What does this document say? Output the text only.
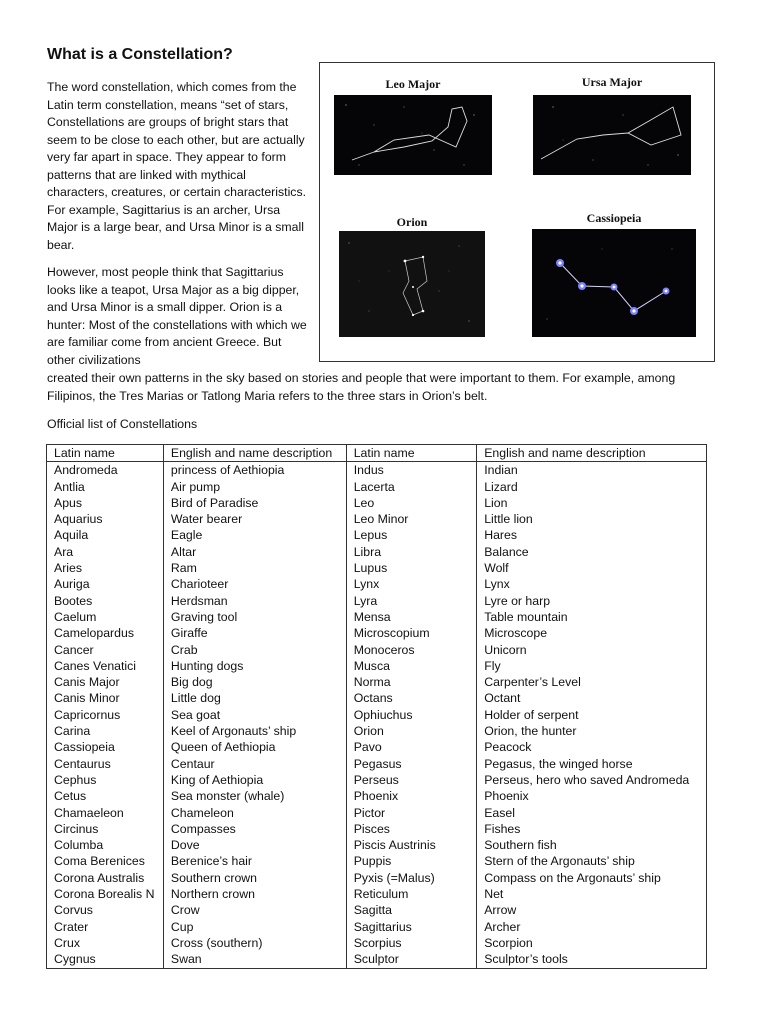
What is a Constellation?

The word constellation, which comes from the Latin term constellation, means “set of stars, Constellations are groups of bright stars that seem to be close to each other, but are actually very far apart in space. They appear to form patterns that are linked with mythical characters, creatures, or certain characteristics. For example, Sagittarius is an archer, Ursa Major is a large bear, and Ursa Minor is a small bear.

However, most people think that Sagittarius looks like a teapot, Ursa Major as a big dipper, and Ursa Minor is a small dipper. Orion is a hunter: Most of the constellations with which we are familiar come from ancient Greece. But other civilizations

created their own patterns in the sky based on stories and people that were important to them. For example, among Filipinos, the Tres Marias or Tatlong Maria refers to the three stars in Orion’s belt.

Official list of Constellations

Leo Major	Ursa Major
Orion	Cassiopeia
Latin name	English and name description	Latin name	English and name description
Andromeda	princess of Aethiopia	Indus	Indian
Antlia	Air pump	Lacerta	Lizard
Apus	Bird of Paradise	Leo	Lion
Aquarius	Water bearer	Leo Minor	Little lion
Aquila	Eagle	Lepus	Hares
Ara	Altar	Libra	Balance
Aries	Ram	Lupus	Wolf
Auriga	Charioteer	Lynx	Lynx
Bootes	Herdsman	Lyra	Lyre or harp
Caelum	Graving tool	Mensa	Table mountain
Camelopardus	Giraffe	Microscopium	Microscope
Cancer	Crab	Monoceros	Unicorn
Canes Venatici	Hunting dogs	Musca	Fly
Canis Major	Big dog	Norma	Carpenter’s Level
Canis Minor	Little dog	Octans	Octant
Capricornus	Sea goat	Ophiuchus	Holder of serpent
Carina	Keel of Argonauts’ ship	Orion	Orion, the hunter
Cassiopeia	Queen of Aethiopia	Pavo	Peacock
Centaurus	Centaur	Pegasus	Pegasus, the winged horse
Cephus	King of Aethiopia	Perseus	Perseus, hero who saved Andromeda
Cetus	Sea monster (whale)	Phoenix	Phoenix
Chamaeleon	Chameleon	Pictor	Easel
Circinus	Compasses	Pisces	Fishes
Columba	Dove	Piscis Austrinis	Southern fish
Coma Berenices	Berenice’s hair	Puppis	Stern of the Argonauts’ ship
Corona Australis	Southern crown	Pyxis (=Malus)	Compass on the Argonauts’ ship
Corona Borealis N	Northern crown	Reticulum	Net
Corvus	Crow	Sagitta	Arrow
Crater	Cup	Sagittarius	Archer
Crux	Cross (southern)	Scorpius	Scorpion
Cygnus	Swan	Sculptor	Sculptor’s tools
